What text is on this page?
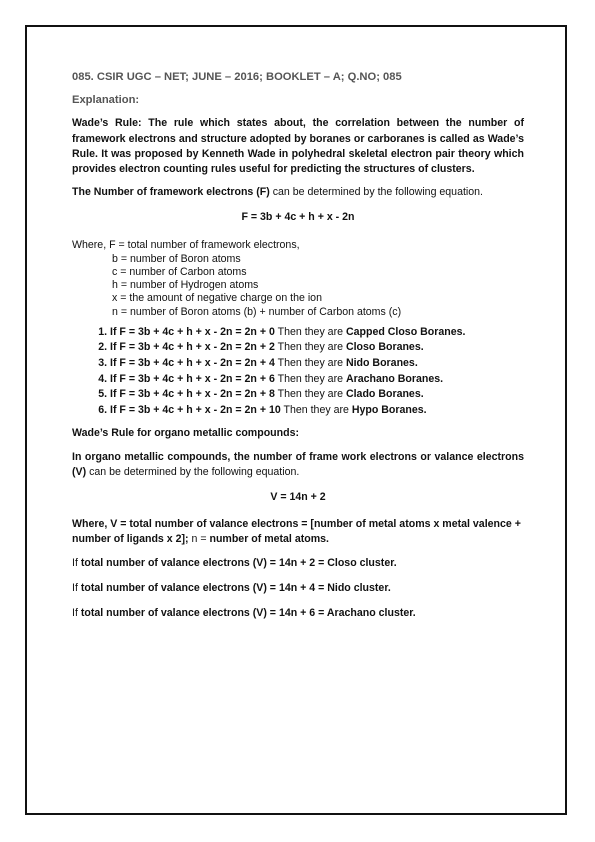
085. CSIR UGC – NET; JUNE – 2016; BOOKLET – A; Q.NO; 085
Explanation:

Wade’s Rule: The rule which states about, the correlation between the number of framework electrons and structure adopted by boranes or carboranes is called as Wade’s Rule. It was proposed by Kenneth Wade in polyhedral skeletal electron pair theory which provides electron counting rules useful for predicting the structures of clusters.

The Number of framework electrons (F) can be determined by the following equation.

F = 3b + 4c + h + x - 2n
Where, F = total number of framework electrons,
b = number of Boron atoms
c = number of Carbon atoms
h = number of Hydrogen atoms
x = the amount of negative charge on the ion
n = number of Boron atoms (b) + number of Carbon atoms (c)
1. If F = 3b + 4c + h + x - 2n = 2n + 0 Then they are Capped Closo Boranes.
2. If F = 3b + 4c + h + x - 2n = 2n + 2 Then they are Closo Boranes.
3. If F = 3b + 4c + h + x - 2n = 2n + 4 Then they are Nido Boranes.
4. If F = 3b + 4c + h + x - 2n = 2n + 6 Then they are Arachano Boranes.
5. If F = 3b + 4c + h + x - 2n = 2n + 8 Then they are Clado Boranes.
6. If F = 3b + 4c + h + x - 2n = 2n + 10 Then they are Hypo Boranes.

Wade’s Rule for organo metallic compounds:

In organo metallic compounds, the number of frame work electrons or valance electrons (V) can be determined by the following equation.

V = 14n + 2

Where, V = total number of valance electrons = [number of metal atoms x metal valence + number of ligands x 2]; n = number of metal atoms.

If total number of valance electrons (V) = 14n + 2 = Closo cluster.

If total number of valance electrons (V) = 14n + 4 = Nido cluster.

If total number of valance electrons (V) = 14n + 6 = Arachano cluster.
